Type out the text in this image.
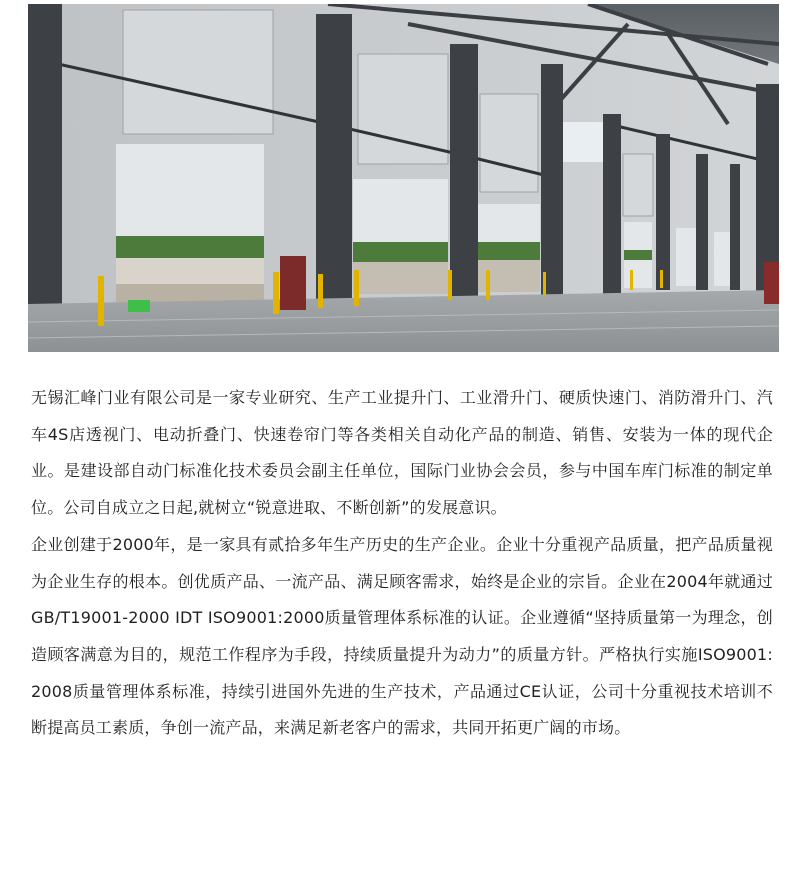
无锡汇峰门业有限公司是一家专业研究、生产工业提升门、工业滑升门、硬质快速门、消防滑升门、汽车4S店透视门、电动折叠门、快速卷帘门等各类相关自动化产品的制造、销售、安装为一体的现代企业。是建设部自动门标准化技术委员会副主任单位，国际门业协会会员，参与中国车库门标准的制定单位。公司自成立之日起,就树立“锐意进取、不断创新”的发展意识。

企业创建于2000年，是一家具有贰拾多年生产历史的生产企业。企业十分重视产品质量，把产品质量视为企业生存的根本。创优质产品、一流产品、满足顾客需求，始终是企业的宗旨。企业在2004年就通过GB/T19001-2000 IDT ISO9001:2000质量管理体系标准的认证。企业遵循“坚持质量第一为理念，创造顾客满意为目的，规范工作程序为手段，持续质量提升为动力”的质量方针。严格执行实施ISO9001:2008质量管理体系标准，持续引进国外先进的生产技术，产品通过CE认证，公司十分重视技术培训不断提高员工素质，争创一流产品，来满足新老客户的需求，共同开拓更广阔的市场。
